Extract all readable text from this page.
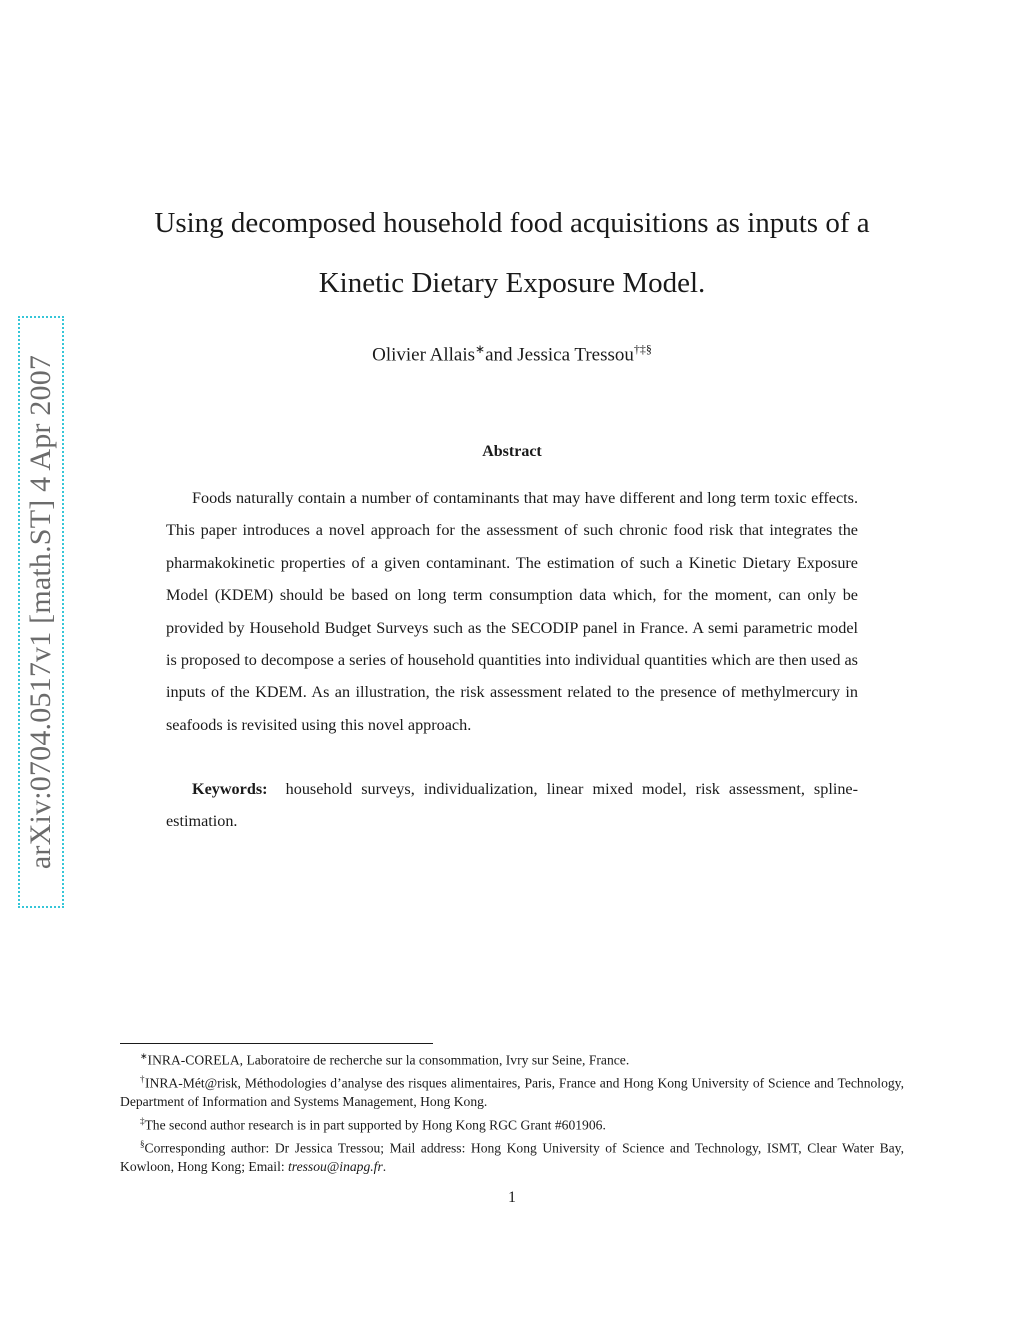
arXiv:0704.0517v1 [math.ST] 4 Apr 2007
Using decomposed household food acquisitions as inputs of a
Kinetic Dietary Exposure Model.
Olivier Allais∗and Jessica Tressou†‡§
Abstract

Foods naturally contain a number of contaminants that may have different and long term toxic effects. This paper introduces a novel approach for the assessment of such chronic food risk that integrates the pharmakokinetic properties of a given contaminant. The estimation of such a Kinetic Dietary Exposure Model (KDEM) should be based on long term consumption data which, for the moment, can only be provided by Household Budget Surveys such as the SECODIP panel in France. A semi parametric model is proposed to decompose a series of household quantities into individual quantities which are then used as inputs of the KDEM. As an illustration, the risk assessment related to the presence of methylmercury in seafoods is revisited using this novel approach.

Keywords: household surveys, individualization, linear mixed model, risk assessment, spline-estimation.

∗INRA-CORELA, Laboratoire de recherche sur la consommation, Ivry sur Seine, France.

†INRA-Mét@risk, Méthodologies d’analyse des risques alimentaires, Paris, France and Hong Kong University of Science and Technology, Department of Information and Systems Management, Hong Kong.

‡The second author research is in part supported by Hong Kong RGC Grant #601906.

§Corresponding author: Dr Jessica Tressou; Mail address: Hong Kong University of Science and Technology, ISMT, Clear Water Bay, Kowloon, Hong Kong; Email: tressou@inapg.fr.

1
